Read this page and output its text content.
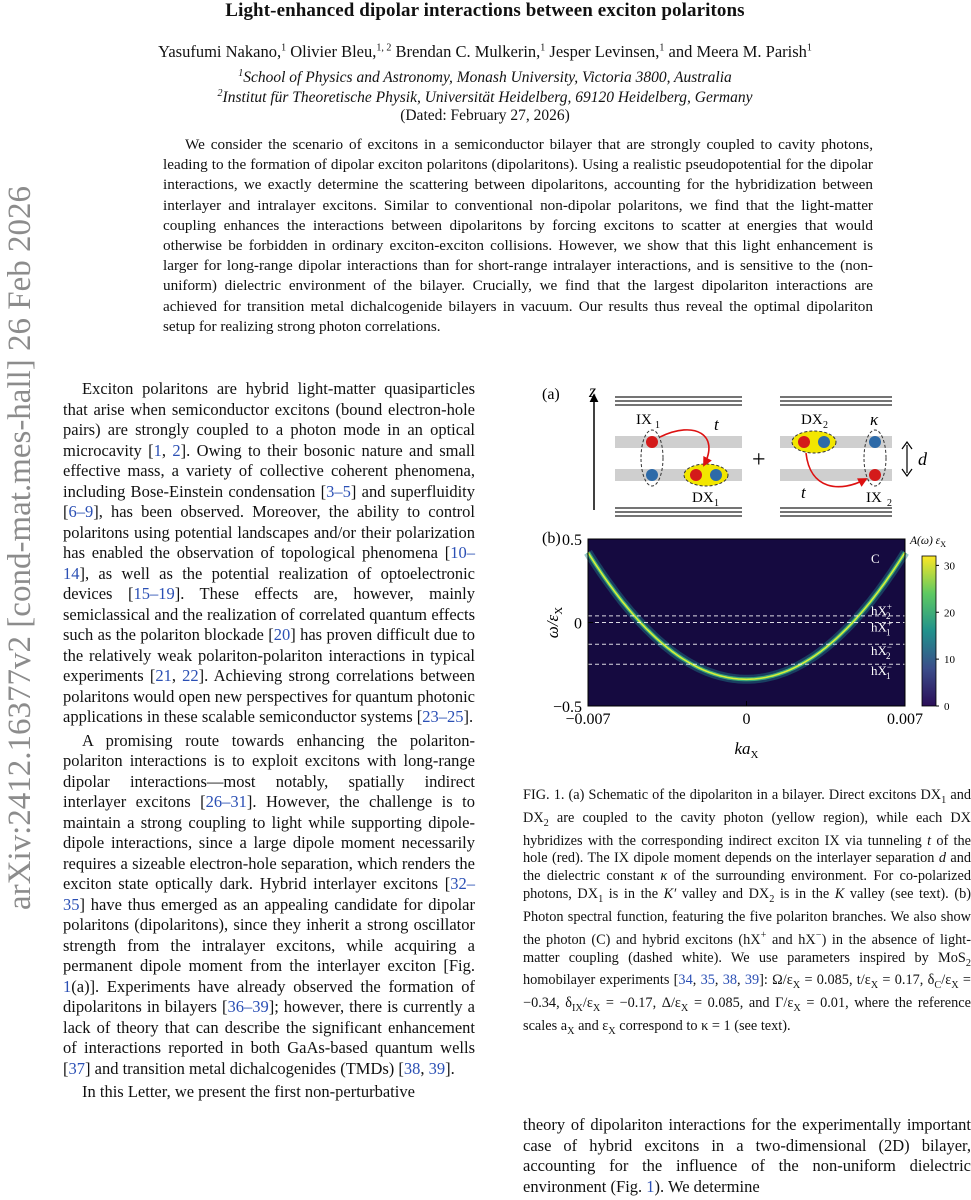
Light-enhanced dipolar interactions between exciton polaritons
Yasufumi Nakano,$^1$ Olivier Bleu,$^{1, 2}$ Brendan C. Mulkerin,$^1$ Jesper Levinsen,$^1$ and Meera M. Parish$^1$
$^1$School of Physics and Astronomy, Monash University, Victoria 3800, Australia
$^2$Institut für Theoretische Physik, Universität Heidelberg, 69120 Heidelberg, Germany
(Dated: February 27, 2026)
We consider the scenario of excitons in a semiconductor bilayer that are strongly coupled to cavity photons, leading to the formation of dipolar exciton polaritons (dipolaritons). Using a realistic pseudopotential for the dipolar interactions, we exactly determine the scattering between dipolaritons, accounting for the hybridization between interlayer and intralayer excitons. Similar to conventional non-dipolar polaritons, we find that the light-matter coupling enhances the interactions between dipolaritons by forcing excitons to scatter at energies that would otherwise be forbidden in ordinary exciton-exciton collisions. However, we show that this light enhancement is larger for long-range dipolar interactions than for short-range intralayer interactions, and is sensitive to the (non-uniform) dielectric environment of the bilayer. Crucially, we find that the largest dipolariton interactions are achieved for transition metal dichalcogenide bilayers in vacuum. Our results thus reveal the optimal dipolariton setup for realizing strong photon correlations.
arXiv:2412.16377v2 [cond-mat.mes-hall] 26 Feb 2026	Exciton polaritons are hybrid light-matter quasiparticles that arise when semiconductor excitons (bound electron-hole pairs) are strongly coupled to a photon mode in an optical microcavity [1, 2]. Owing to their bosonic nature and small effective mass, a variety of collective coherent phenomena, including Bose-Einstein condensation [3–5] and superfluidity [6–9], has been observed. Moreover, the ability to control polaritons using potential landscapes and/or their polarization has enabled the observation of topological phenomena [10–14], as well as the potential realization of optoelectronic devices [15–19]. These effects are, however, mainly semiclassical and the realization of correlated quantum effects such as the polariton blockade [20] has proven difficult due to the relatively weak polariton-polariton interactions in typical experiments [21, 22]. Achieving strong correlations between polaritons would open new perspectives for quantum photonic applications in these scalable semiconductor systems [23–25].

A promising route towards enhancing the polariton-polariton interactions is to exploit excitons with long-range dipolar interactions—most notably, spatially indirect interlayer excitons [26–31]. However, the challenge is to maintain a strong coupling to light while supporting dipole-dipole interactions, since a large dipole moment necessarily requires a sizeable electron-hole separation, which renders the exciton state optically dark. Hybrid interlayer excitons [32–35] have thus emerged as an appealing candidate for dipolar polaritons (dipolaritons), since they inherit a strong oscillator strength from the intralayer excitons, while acquiring a permanent dipole moment from the interlayer exciton [Fig. 1(a)]. Experiments have already observed the formation of dipolaritons in bilayers [36–39]; however, there is currently a lack of theory that can describe the significant enhancement of interactions reported in both GaAs-based quantum wells [37] and transition metal dichalcogenides (TMDs) [38, 39].

In this Letter, we present the first non-perturbative

(a) z
IX 1	t
DX 1
+
DX 2 κ
t	IX 2
d
(b)
C
hX+ 2
hX+ 1
hX− 2
hX− 1
−0.007	0	0.007
0.5
0
−0.5
$ka_X$
$\omega/\varepsilon_X$
0
10
20
30
A(ω) $\varepsilon_X$
FIG. 1. (a) Schematic of the dipolariton in a bilayer. Direct excitons $DX_1$ and $DX_2$ are coupled to the cavity photon (yellow region), while each DX hybridizes with the corresponding indirect exciton IX via tunneling t of the hole (red). The IX dipole moment depends on the interlayer separation d and the dielectric constant κ of the surrounding environment. For co-polarized photons, $DX_1$ is in the K′ valley and $DX_2$ is in the K valley (see text). (b) Photon spectral function, featuring the five polariton branches. We also show the photon (C) and hybrid excitons (hX+ and hX−) in the absence of light-matter coupling (dashed white). We use parameters inspired by MoS$_2$ homobilayer experiments [34, 35, 38, 39]: $\Omega/\varepsilon_X = 0.085$, $t/\varepsilon_X = 0.17$, $\delta_C/\varepsilon_X = -0.34$, $\delta_{IX}/\varepsilon_X = -0.17$, $\Delta/\varepsilon_X = 0.085$, and $\Gamma/\varepsilon_X = 0.01$, where the reference scales $a_X$ and $\varepsilon_X$ correspond to κ = 1 (see text).
theory of dipolariton interactions for the experimentally important case of hybrid excitons in a two-dimensional (2D) bilayer, accounting for the influence of the non-uniform dielectric environment (Fig. 1). We determine
